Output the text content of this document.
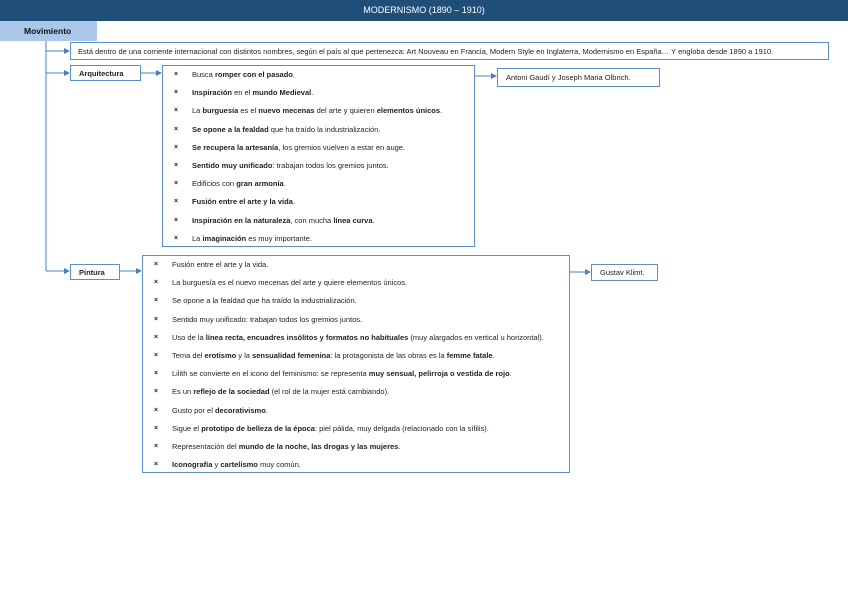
MODERNISMO (1890 – 1910)
Movimiento
Está dentro de una corriente internacional con distintos nombres, según el país al que pertenezca: Art Nouveau en Francia, Modern Style en Inglaterra, Modernismo en España… Y engloba desde 1890 a 1910.
Arquitectura	× Busca romper con el pasado.
× Inspiración en el mundo Medieval.
× La burguesía es el nuevo mecenas del arte y quieren elementos únicos.
× Se opone a la fealdad que ha traído la industrialización.
× Se recupera la artesanía, los gremios vuelven a estar en auge.
× Sentido muy unificado: trabajan todos los gremios juntos.
× Edificios con gran armonía.
× Fusión entre el arte y la vida.
× Inspiración en la naturaleza, con mucha línea curva.
× La imaginación es muy importante.
Antoni Gaudí y Joseph Maria Olbrich.
Pintura
× Fusión entre el arte y la vida.
× La burguesía es el nuevo mecenas del arte y quiere elementos únicos.
× Se opone a la fealdad que ha traído la industrialización.
× Sentido muy unificado: trabajan todos los gremios juntos.
× Uso de la línea recta, encuadres insólitos y formatos no habituales (muy alargados en vertical u horizontal).
× Tema del erotismo y la sensualidad femenina: la protagonista de las obras es la femme fatale.
× Lilith se convierte en el icono del feminismo: se representa muy sensual, pelirroja o vestida de rojo.
× Es un reflejo de la sociedad (el rol de la mujer está cambiando).
× Gusto por el decorativismo.
× Sigue el prototipo de belleza de la época: piel pálida, muy delgada (relacionado con la sífilis).
× Representación del mundo de la noche, las drogas y las mujeres.
× Iconografía y cartelismo muy común.
Gustav Klimt.
